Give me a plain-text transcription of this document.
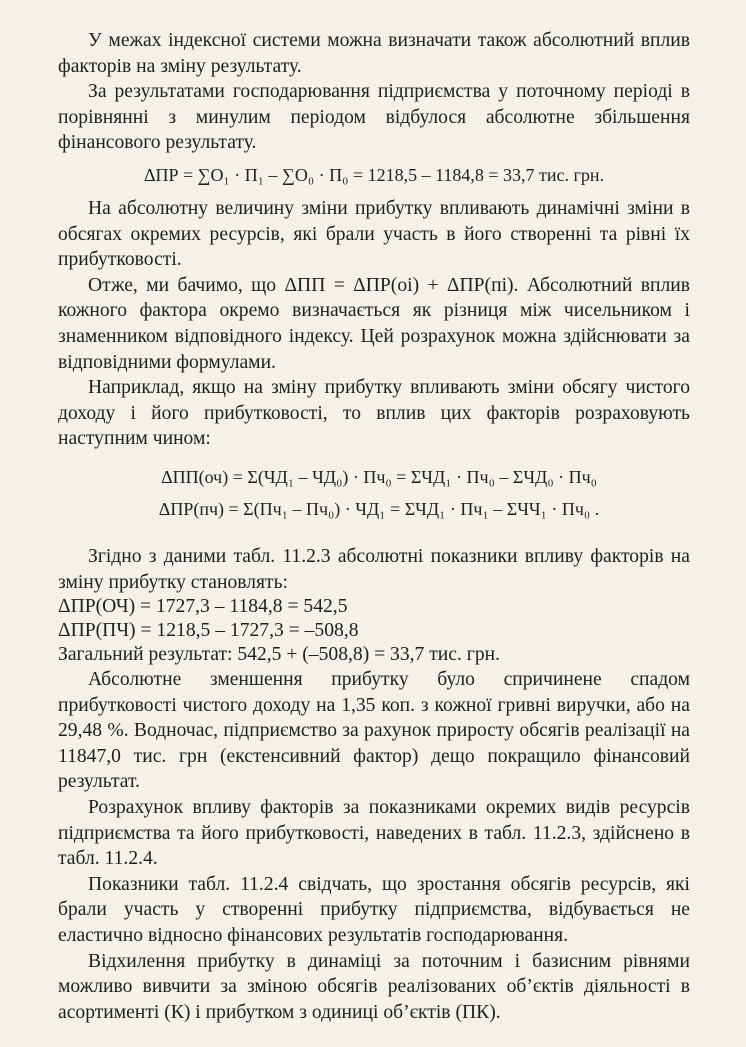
У межах індексної системи можна визначати також абсолютний вплив факторів на зміну результату.

За результатами господарювання підприємства у поточному періоді в порівнянні з минулим періодом відбулося абсолютне збільшення фінансового результату.

ΔПР = ∑О₁ · П₁ – ∑О₀ · П₀ = 1218,5 – 1184,8 = 33,7 тис. грн.

На абсолютну величину зміни прибутку впливають динамічні зміни в обсягах окремих ресурсів, які брали участь в його створенні та рівні їх прибутковості.

Отже, ми бачимо, що ΔПП = ΔПР(оі) + ΔПР(пі). Абсолютний вплив кожного фактора окремо визначається як різниця між чисельником і знаменником відповідного індексу. Цей розрахунок можна здійснювати за відповідними формулами.

Наприклад, якщо на зміну прибутку впливають зміни обсягу чистого доходу і його прибутковості, то вплив цих факторів розраховують наступним чином:

ΔПП(оч) = Σ(ЧД₁ – ЧД₀) · Пч₀ = ΣЧД₁ · Пч₀ – ΣЧД₀ · Пч₀
ΔПР(пч) = Σ(Пч₁ – Пч₀) · ЧД₁ = ΣЧД₁ · Пч₁ – ΣЧЧ₁ · Пч₀ .

Згідно з даними табл. 11.2.3 абсолютні показники впливу факторів на зміну прибутку становлять:

ΔПР(ОЧ) = 1727,3 – 1184,8 = 542,5
ΔПР(ПЧ) = 1218,5 – 1727,3 = –508,8
Загальний результат: 542,5 + (–508,8) = 33,7 тис. грн.

Абсолютне зменшення прибутку було спричинене спадом прибутковості чистого доходу на 1,35 коп. з кожної гривні виручки, або на 29,48 %. Водночас, підприємство за рахунок приросту обсягів реалізації на 11847,0 тис. грн (екстенсивний фактор) дещо покращило фінансовий результат.

Розрахунок впливу факторів за показниками окремих видів ресурсів підприємства та його прибутковості, наведених в табл. 11.2.3, здійснено в табл. 11.2.4.

Показники табл. 11.2.4 свідчать, що зростання обсягів ресурсів, які брали участь у створенні прибутку підприємства, відбувається не еластично відносно фінансових результатів господарювання.

Відхилення прибутку в динаміці за поточним і базисним рівнями можливо вивчити за зміною обсягів реалізованих об’єктів діяльності в асортименті (К) і прибутком з одиниці об’єктів (ПК).
